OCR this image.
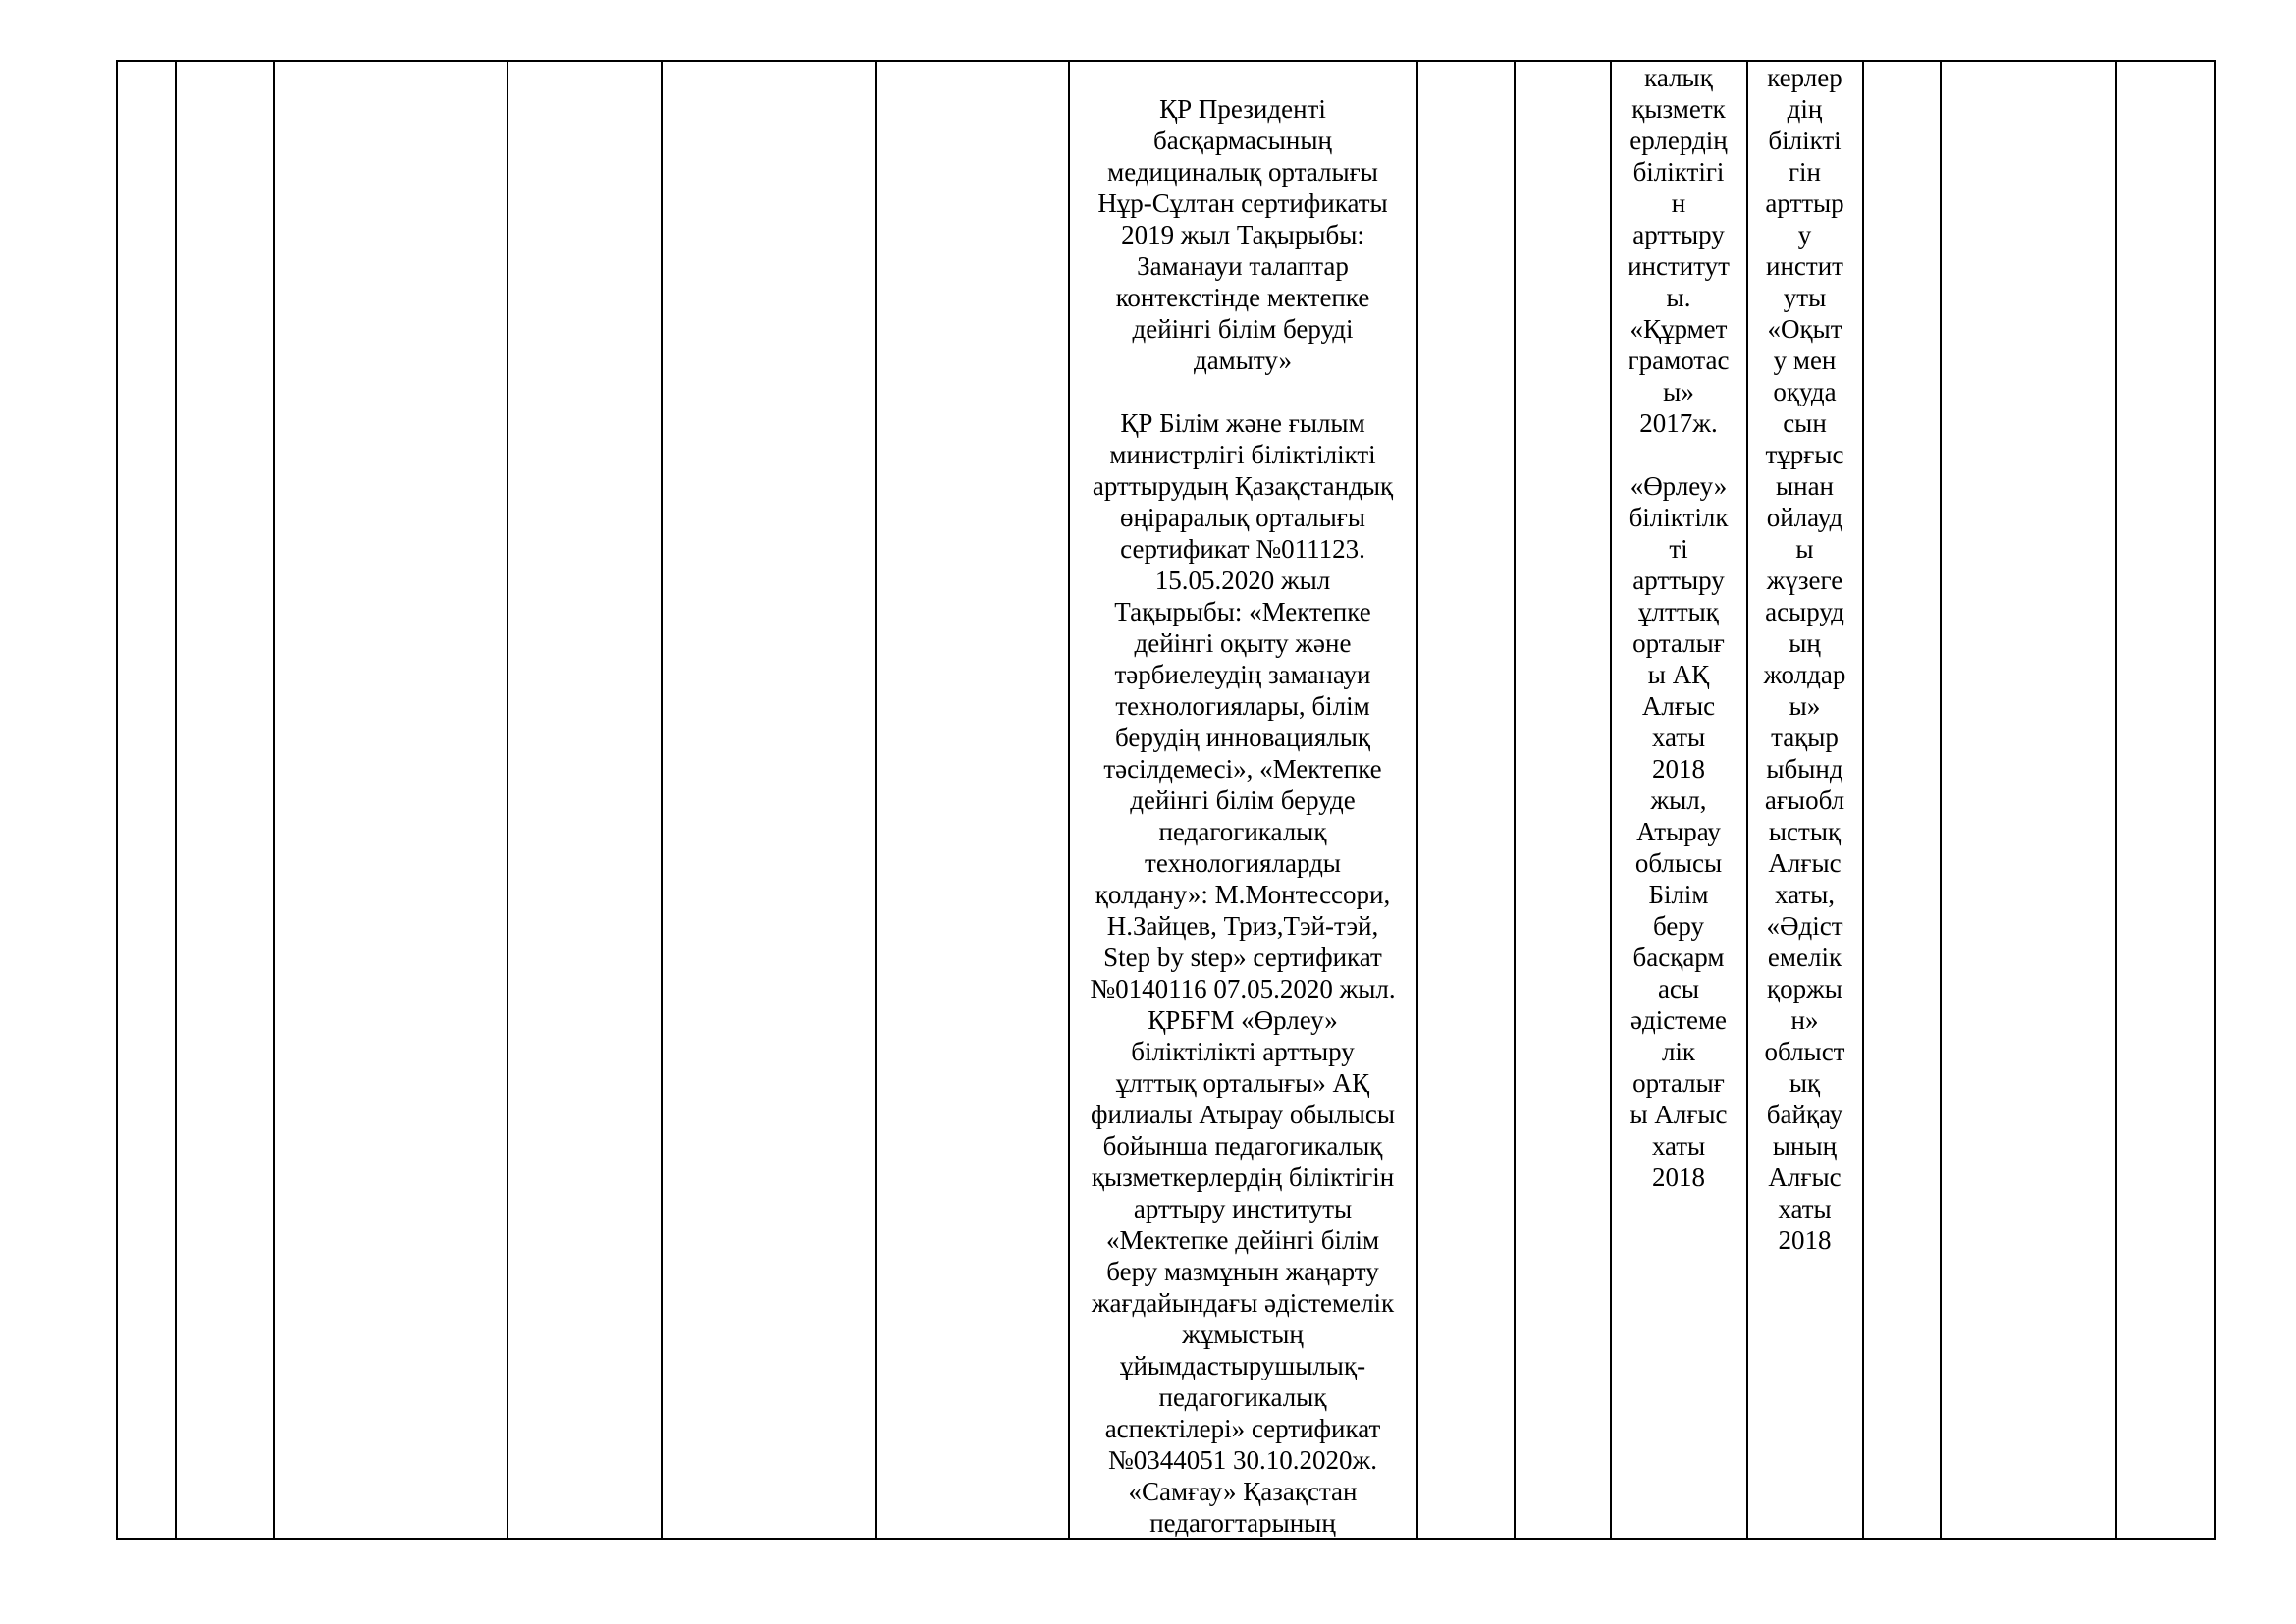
ҚР Президенті
басқармасының
медициналық орталығы
Нұр-Сұлтан сертификаты
2019 жыл Тақырыбы:
Заманауи талаптар
контекстінде мектепке
дейінгі білім беруді
дамыту»

ҚР Білім және ғылым
министрлігі біліктілікті
арттырудың Қазақстандық
өңіраралық орталығы
сертификат №011123.
15.05.2020 жыл
Тақырыбы: «Мектепке
дейінгі оқыту және
тәрбиелеудің заманауи
технологиялары, білім
берудің инновациялық
тәсілдемесі», «Мектепке
дейінгі білім беруде
педагогикалық
технологияларды
қолдану»: М.Монтессори,
Н.Зайцев, Триз,Тэй-тэй,
Step by step» сертификат
№0140116 07.05.2020 жыл.
ҚРБҒМ «Өрлеу»
біліктілікті арттыру
ұлттық орталығы» АҚ
филиалы Атырау обылысы
бойынша педагогикалық
қызметкерлердің біліктігін
арттыру институты
«Мектепке дейінгі білім
беру мазмұнын жаңарту
жағдайындағы әдістемелік
жұмыстың
ұйымдастырушылық-
педагогикалық
аспектілері» сертификат
№0344051 30.10.2020ж.
«Самғау» Қазақстан
педагогтарының
калық
қызметк
ерлердің
біліктігі
н
арттыру
институт
ы.
«Құрмет
грамотас
ы»
2017ж.

«Өрлеу»
біліктілк
ті
арттыру
ұлттық
орталығ
ы АҚ
Алғыс
хаты
2018
жыл,
Атырау
облысы
Білім
беру
басқарм
асы
әдістеме
лік
орталығ
ы Алғыс
хаты
2018
керлер
дің
білікті
гін
арттыр
у
инстит
уты
«Оқыт
у мен
оқуда
сын
тұрғыс
ынан
ойлауд
ы
жүзеге
асыруд
ың
жолдар
ы»
тақыр
ыбынд
ағыобл
ыстық
Алғыс
хаты,
«Әдіст
емелік
қоржы
н»
облыст
ық
байқау
ының
Алғыс
хаты
2018
